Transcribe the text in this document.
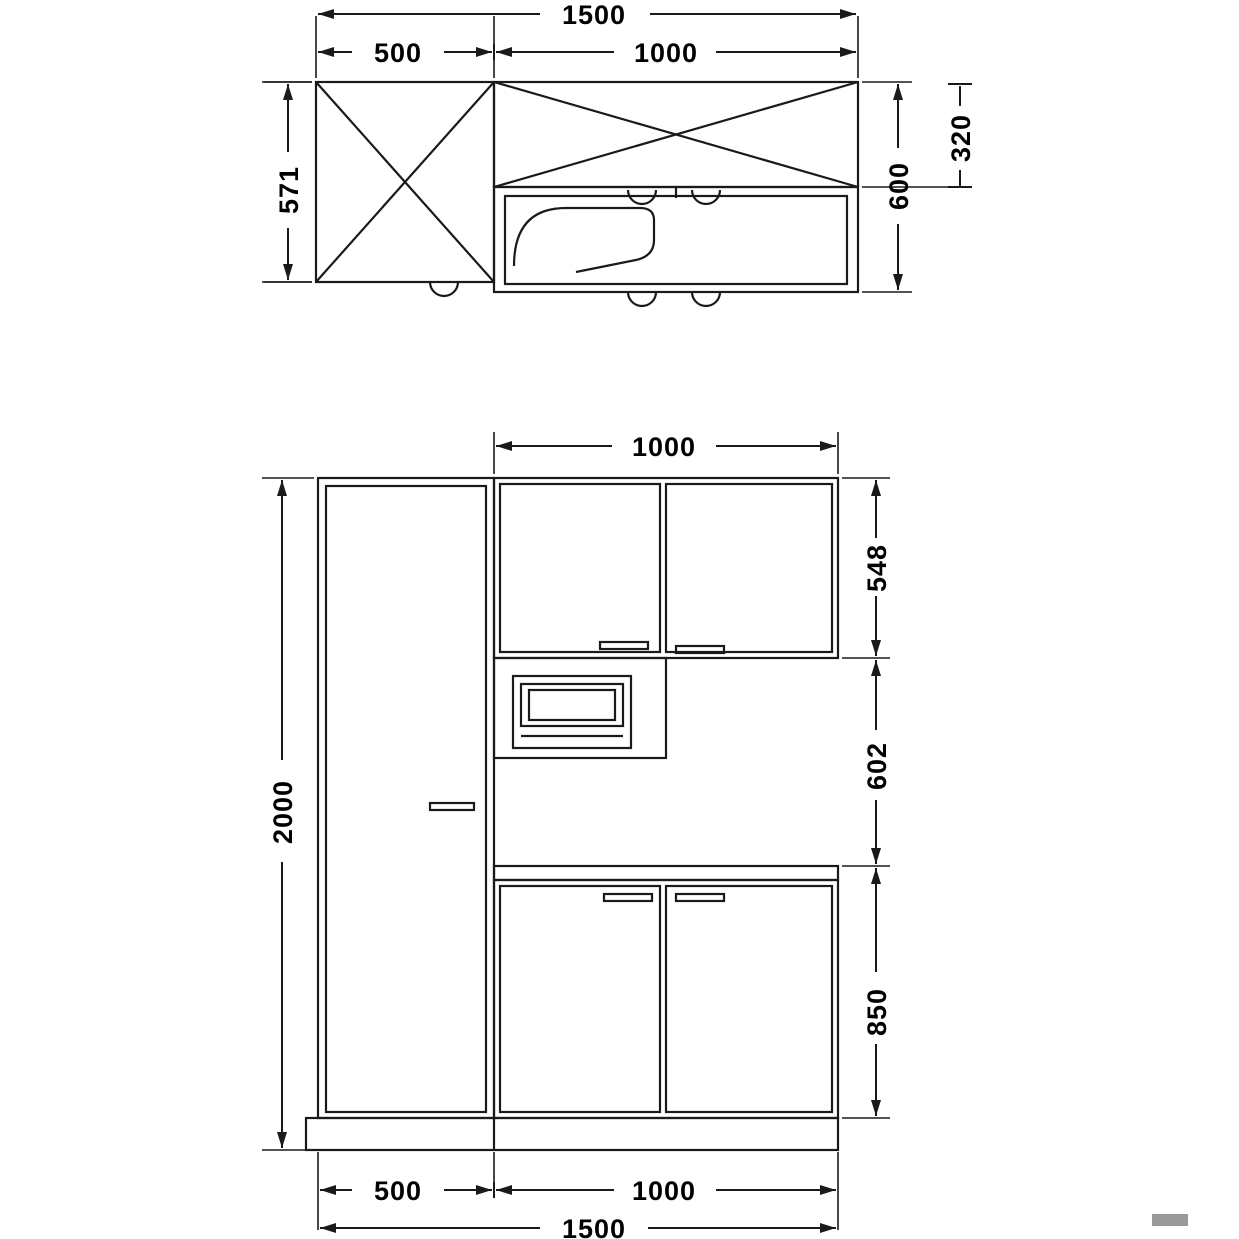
1500
500	1000
571	600
320
1000
548
602
850
2000
500	1000
1500
